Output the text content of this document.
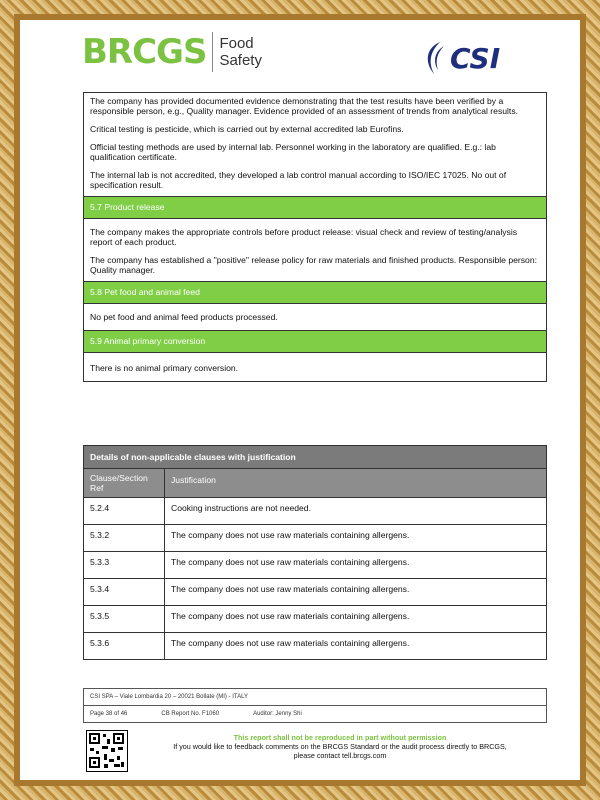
BRCGS Food
Safety	CSI

The company has provided documented evidence demonstrating that the test results have been verified by a responsible person, e.g., Quality manager. Evidence provided of an assessment of trends from analytical results.

Critical testing is pesticide, which is carried out by external accredited lab Eurofins.

Official testing methods are used by internal lab. Personnel working in the laboratory are qualified. E.g.: lab qualification certificate.

The internal lab is not accredited, they developed a lab control manual according to ISO/IEC 17025. No out of specification result.

5.7 Product release

The company makes the appropriate controls before product release: visual check and review of testing/analysis report of each product.

The company has established a "positive" release policy for raw materials and finished products. Responsible person: Quality manager.

5.8 Pet food and animal feed

No pet food and animal feed products processed.

5.9 Animal primary conversion

There is no animal primary conversion.

Details of non-applicable clauses with justification
Clause/Section Ref
Justification
5.2.4	Cooking instructions are not needed.
5.3.2	The company does not use raw materials containing allergens.
5.3.3	The company does not use raw materials containing allergens.
5.3.4	The company does not use raw materials containing allergens.
5.3.5	The company does not use raw materials containing allergens.
5.3.6	The company does not use raw materials containing allergens.
CSI SPA – Viale Lombardia 20 – 20021 Bollate (MI) - ITALY
Page 38 of 46	CB Report No. F1060	Auditor: Jenny Shi
This report shall not be reproduced in part without permission
If you would like to feedback comments on the BRCGS Standard or the audit process directly to BRCGS,
please contact tell.brcgs.com
